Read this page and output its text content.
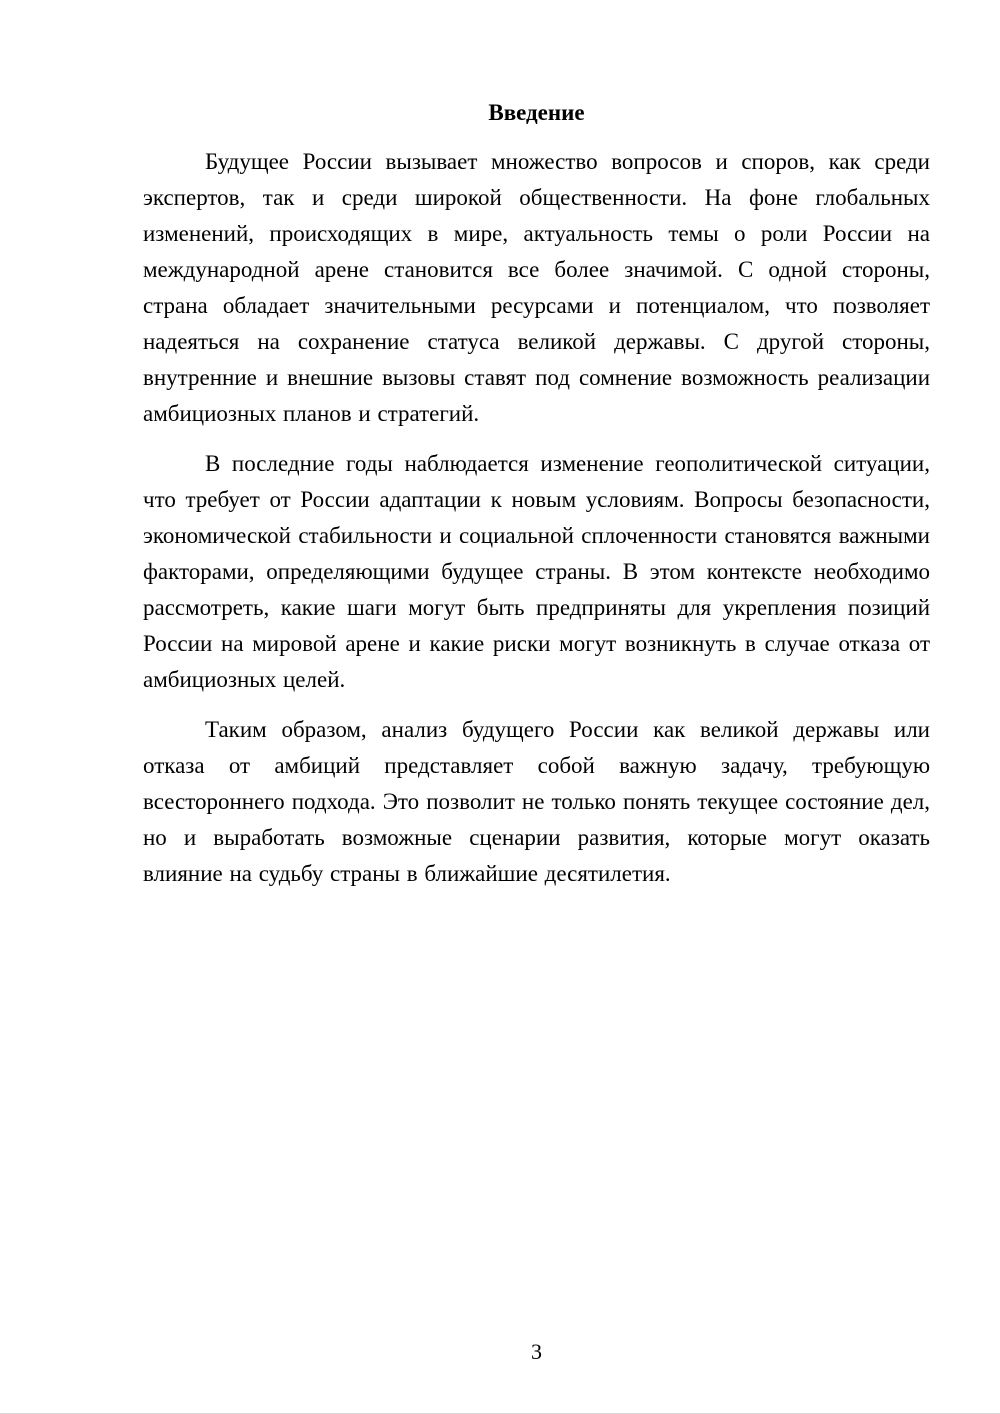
Введение

Будущее России вызывает множество вопросов и споров, как среди экспертов, так и среди широкой общественности. На фоне глобальных изменений, происходящих в мире, актуальность темы о роли России на международной арене становится все более значимой. С одной стороны, страна обладает значительными ресурсами и потенциалом, что позволяет надеяться на сохранение статуса великой державы. С другой стороны, внутренние и внешние вызовы ставят под сомнение возможность реализации амбициозных планов и стратегий.

В последние годы наблюдается изменение геополитической ситуации, что требует от России адаптации к новым условиям. Вопросы безопасности, экономической стабильности и социальной сплоченности становятся важными факторами, определяющими будущее страны. В этом контексте необходимо рассмотреть, какие шаги могут быть предприняты для укрепления позиций России на мировой арене и какие риски могут возникнуть в случае отказа от амбициозных целей.

Таким образом, анализ будущего России как великой державы или отказа от амбиций представляет собой важную задачу, требующую всестороннего подхода. Это позволит не только понять текущее состояние дел, но и выработать возможные сценарии развития, которые могут оказать влияние на судьбу страны в ближайшие десятилетия.

3
